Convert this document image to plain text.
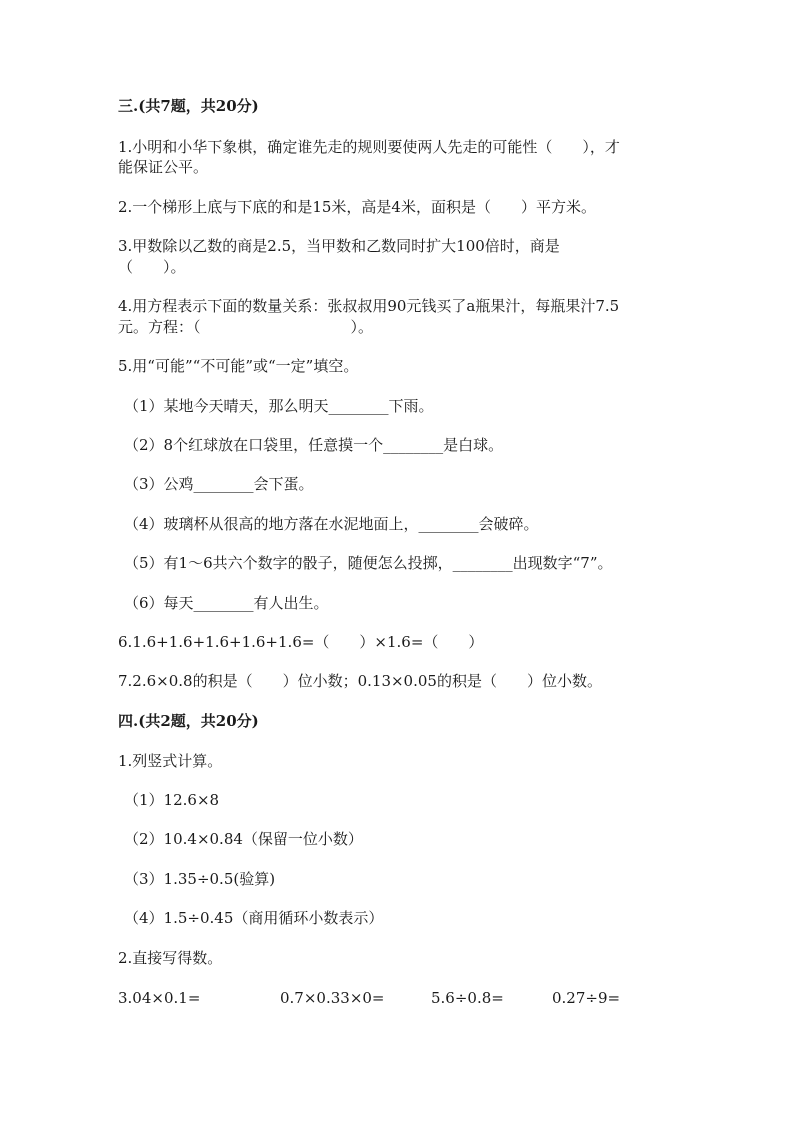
三.(共7题，共20分)
1.小明和小华下象棋，确定谁先走的规则要使两人先走的可能性（　　），才
能保证公平。
2.一个梯形上底与下底的和是15米，高是4米，面积是（　　）平方米。
3.甲数除以乙数的商是2.5，当甲数和乙数同时扩大100倍时，商是
（　　）。
4.用方程表示下面的数量关系：张叔叔用90元钱买了a瓶果汁，每瓶果汁7.5
元。方程：（　　　　　　　　　　）。
5.用“可能”“不可能”或“一定”填空。
（1）某地今天晴天，那么明天________下雨。
（2）8个红球放在口袋里，任意摸一个________是白球。
（3）公鸡________会下蛋。
（4）玻璃杯从很高的地方落在水泥地面上，________会破碎。
（5）有1～6共六个数字的骰子，随便怎么投掷，________出现数字“7”。
（6）每天________有人出生。
6.1.6+1.6+1.6+1.6+1.6=（　　）×1.6=（　　）
7.2.6×0.8的积是（　　）位小数；0.13×0.05的积是（　　）位小数。
四.(共2题，共20分)
1.列竖式计算。
（1）12.6×8
（2）10.4×0.84（保留一位小数）
（3）1.35÷0.5(验算)
（4）1.5÷0.45（商用循环小数表示）
2.直接写得数。
3.04×0.1=	0.7×0.33×0=	5.6÷0.8=	0.27÷9=
